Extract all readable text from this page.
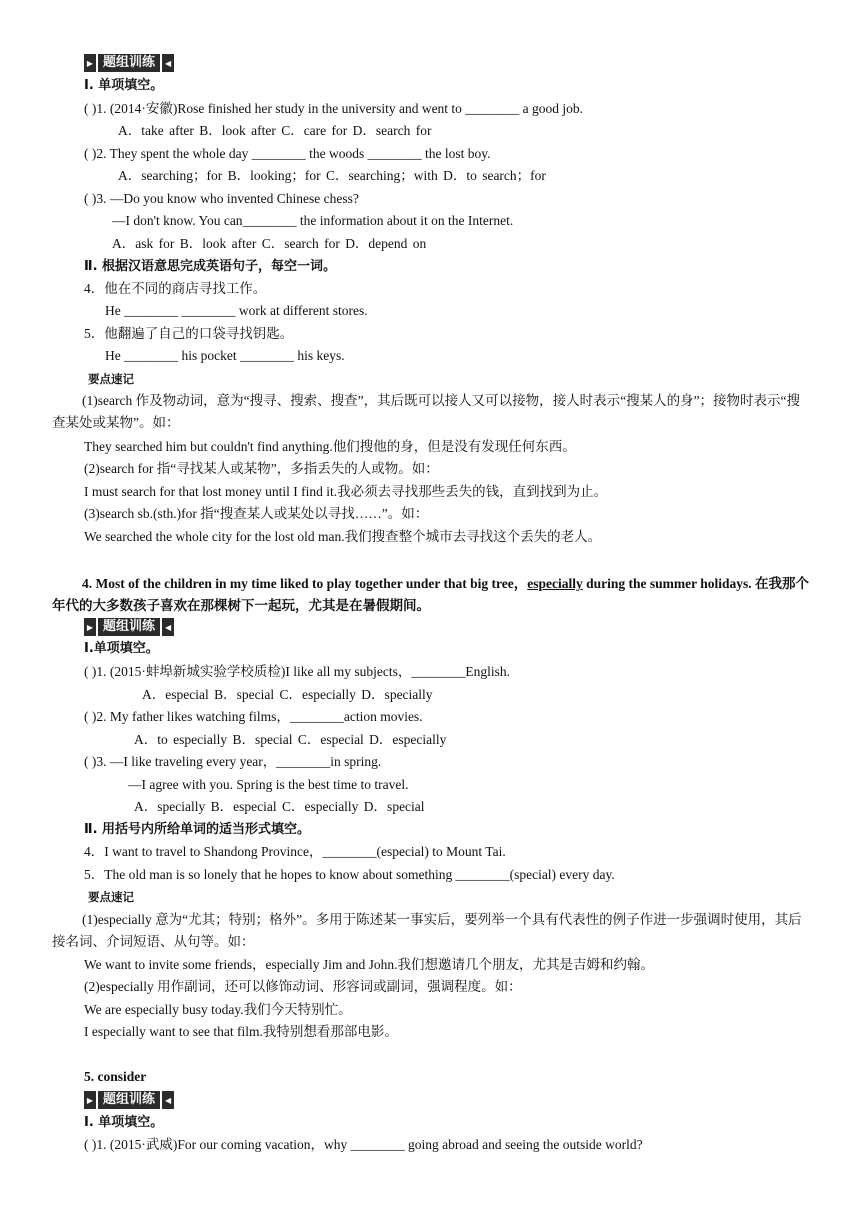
▶ 题组训练	◀
Ⅰ. 单项填空。
( )1. (2014·安徽)Rose finished her study in the university and went to ________ a good job.
A．take after B．look after C．care for D．search for
( )2. They spent the whole day ________ the woods ________ the lost boy.
A．searching；for B．looking；for C．searching；with D．to search；for
( )3. —Do you know who invented Chinese chess?
—I don't know. You can________ the information about it on the Internet.
A．ask for B．look after C．search for D．depend on
Ⅱ. 根据汉语意思完成英语句子，每空一词。
4．他在不同的商店寻找工作。
He ________ ________ work at different stores.
5．他翻遍了自己的口袋寻找钥匙。
He ________ his pocket ________ his keys.
要点速记
(1)search 作及物动词，意为“搜寻、搜索、搜查”，其后既可以接人又可以接物，接人时表示“搜某人的身”；接物时表示“搜查某处或某物”。如：
They searched him but couldn't find anything.他们搜他的身，但是没有发现任何东西。
(2)search for 指“寻找某人或某物”，多指丢失的人或物。如：
I must search for that lost money until I find it.我必须去寻找那些丢失的钱，直到找到为止。
(3)search sb.(sth.)for 指“搜查某人或某处以寻找……”。如：
We searched the whole city for the lost old man.我们搜查整个城市去寻找这个丢失的老人。
4. Most of the children in my time liked to play together under that big tree，especially during the summer holidays. 在我那个年代的大多数孩子喜欢在那棵树下一起玩，尤其是在暑假期间。
▶ 题组训练	◀
Ⅰ.单项填空。
( )1. (2015·蚌埠新城实验学校质检)I like all my subjects，________English.
A．especial B．special C．especially D．specially
( )2. My father likes watching films，________action movies.
A．to especially B．special C．especial D．especially
( )3. —I like traveling every year，________in spring.
—I agree with you. Spring is the best time to travel.
A．specially B．especial C．especially D．special
Ⅱ. 用括号内所给单词的适当形式填空。
4．I want to travel to Shandong Province，________(especial) to Mount Tai.
5．The old man is so lonely that he hopes to know about something ________(special) every day.
要点速记
(1)especially 意为“尤其；特别；格外”。多用于陈述某一事实后，要列举一个具有代表性的例子作进一步强调时使用，其后接名词、介词短语、从句等。如：
We want to invite some friends，especially Jim and John.我们想邀请几个朋友，尤其是吉姆和约翰。
(2)especially 用作副词，还可以修饰动词、形容词或副词，强调程度。如：
We are especially busy today.我们今天特别忙。
I especially want to see that film.我特别想看那部电影。
5. consider
▶ 题组训练	◀
Ⅰ. 单项填空。
( )1. (2015·武威)For our coming vacation，why ________ going abroad and seeing the outside world?
